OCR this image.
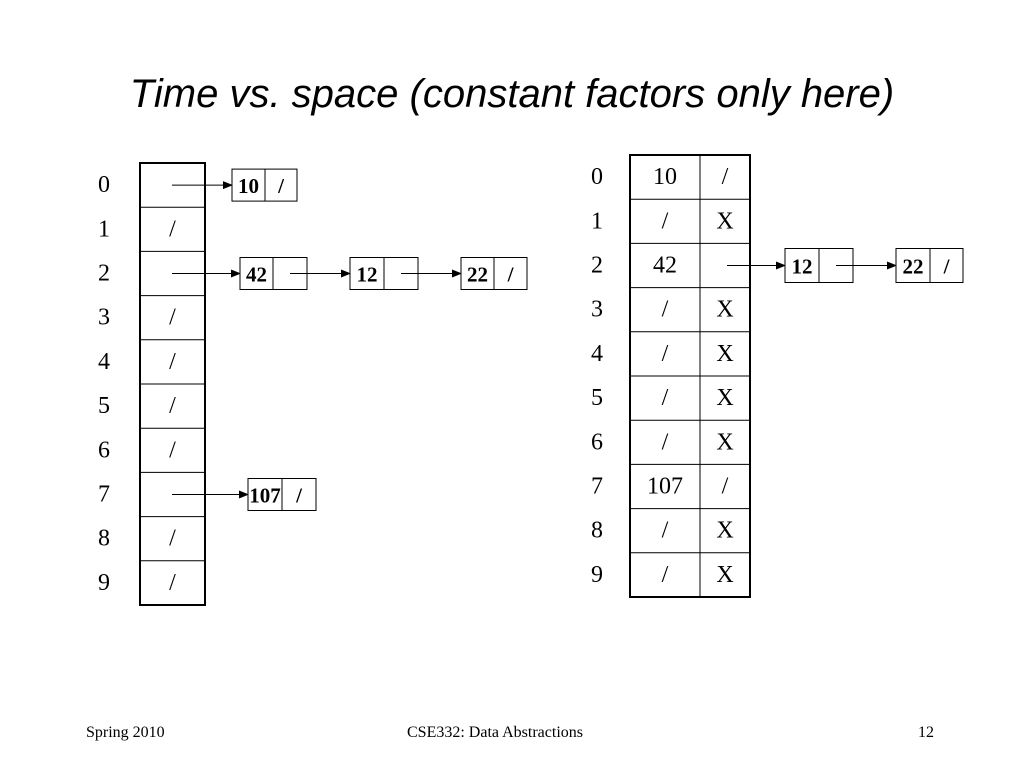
Time vs. space (constant factors only here)
0
1 /
2
3 /
4 /
5 /
6 /
7
8 /
9 /
10 /
42	12	22 /
107 /
0 10 /
1 / X
2 42
3 / X
4 / X
5 / X
6 / X
7 107 /
8 / X
9 / X
12	22 /
Spring 2010	CSE332: Data Abstractions	12
